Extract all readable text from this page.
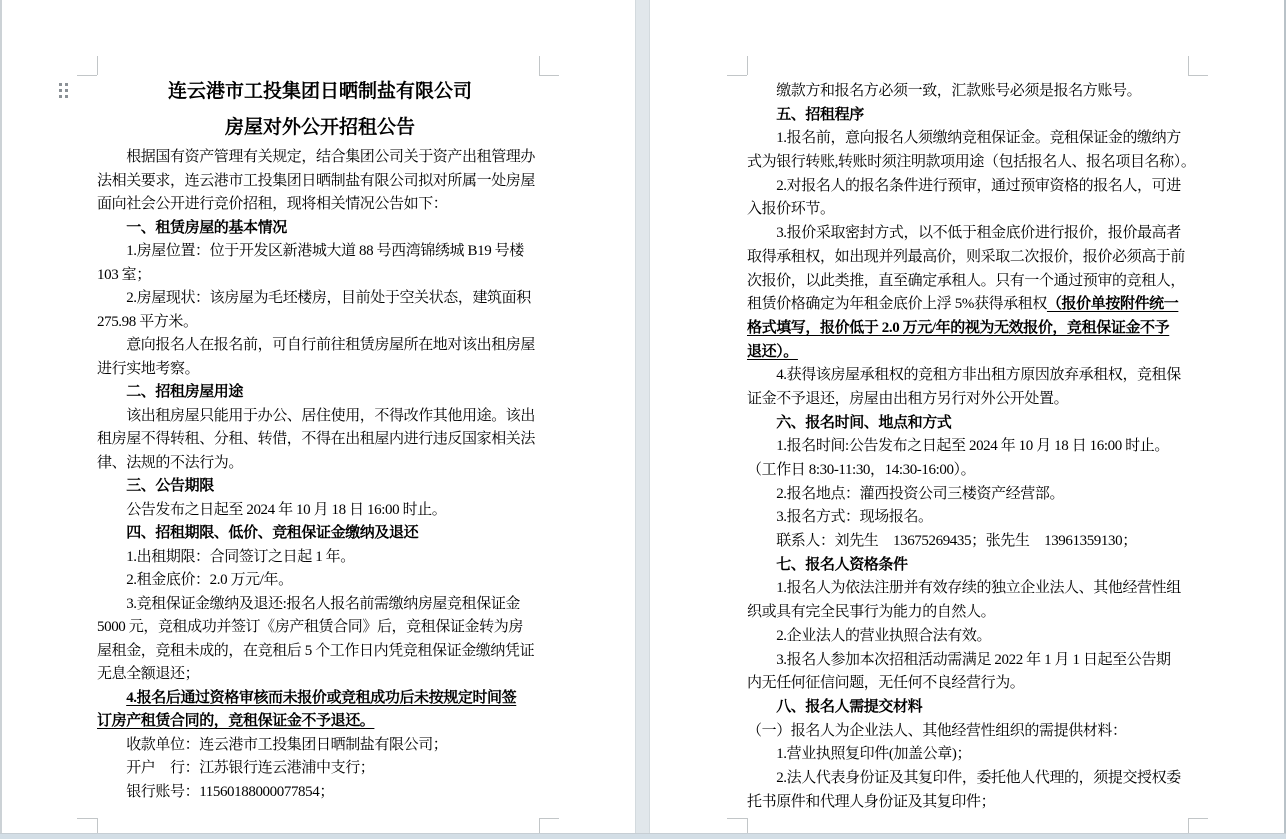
连云港市工投集团日晒制盐有限公司
房屋对外公开招租公告
　　根据国有资产管理有关规定，结合集团公司关于资产出租管理办
法相关要求，连云港市工投集团日晒制盐有限公司拟对所属一处房屋
面向社会公开进行竞价招租，现将相关情况公告如下：
　　一、租赁房屋的基本情况
　　1.房屋位置：位于开发区新港城大道 88 号西湾锦绣城 B19 号楼
103 室；
　　2.房屋现状：该房屋为毛坯楼房，目前处于空关状态，建筑面积
275.98 平方米。
　　意向报名人在报名前，可自行前往租赁房屋所在地对该出租房屋
进行实地考察。
　　二、招租房屋用途
　　该出租房屋只能用于办公、居住使用，不得改作其他用途。该出
租房屋不得转租、分租、转借，不得在出租屋内进行违反国家相关法
律、法规的不法行为。
　　三、公告期限
　　公告发布之日起至 2024 年 10 月 18 日 16:00 时止。
　　四、招租期限、低价、竞租保证金缴纳及退还
　　1.出租期限：合同签订之日起 1 年。
　　2.租金底价：2.0 万元/年。
　　3.竞租保证金缴纳及退还:报名人报名前需缴纳房屋竞租保证金
5000 元，竞租成功并签订《房产租赁合同》后，竞租保证金转为房
屋租金，竞租未成的，在竞租后 5 个工作日内凭竞租保证金缴纳凭证
无息全额退还；
　　4.报名后通过资格审核而未报价或竞租成功后未按规定时间签
订房产租赁合同的，竞租保证金不予退还。
　　收款单位：连云港市工投集团日晒制盐有限公司；
　　开户　行：江苏银行连云港浦中支行；
　　银行账号：11560188000077854；
　　缴款方和报名方必须一致，汇款账号必须是报名方账号。
　　五、招租程序
　　1.报名前，意向报名人须缴纳竞租保证金。竞租保证金的缴纳方
式为银行转账,转账时须注明款项用途（包括报名人、报名项目名称）。
　　2.对报名人的报名条件进行预审，通过预审资格的报名人，可进
入报价环节。
　　3.报价采取密封方式，以不低于租金底价进行报价，报价最高者
取得承租权，如出现并列最高价，则采取二次报价，报价必须高于前
次报价，以此类推，直至确定承租人。只有一个通过预审的竞租人，
租赁价格确定为年租金底价上浮 5%获得承租权（报价单按附件统一
格式填写，报价低于 2.0 万元/年的视为无效报价，竞租保证金不予
退还）。
　　4.获得该房屋承租权的竞租方非出租方原因放弃承租权，竞租保
证金不予退还，房屋由出租方另行对外公开处置。
　　六、报名时间、地点和方式
　　1.报名时间:公告发布之日起至 2024 年 10 月 18 日 16:00 时止。
（工作日 8:30-11:30，14:30-16:00）。
　　2.报名地点：灌西投资公司三楼资产经营部。
　　3.报名方式：现场报名。
　　联系人：刘先生　13675269435；张先生　13961359130；
　　七、报名人资格条件
　　1.报名人为依法注册并有效存续的独立企业法人、其他经营性组
织或具有完全民事行为能力的自然人。
　　2.企业法人的营业执照合法有效。
　　3.报名人参加本次招租活动需满足 2022 年 1 月 1 日起至公告期
内无任何征信问题，无任何不良经营行为。
　　八、报名人需提交材料
（一）报名人为企业法人、其他经营性组织的需提供材料：
　　1.营业执照复印件(加盖公章)；
　　2.法人代表身份证及其复印件，委托他人代理的，须提交授权委
托书原件和代理人身份证及其复印件；
